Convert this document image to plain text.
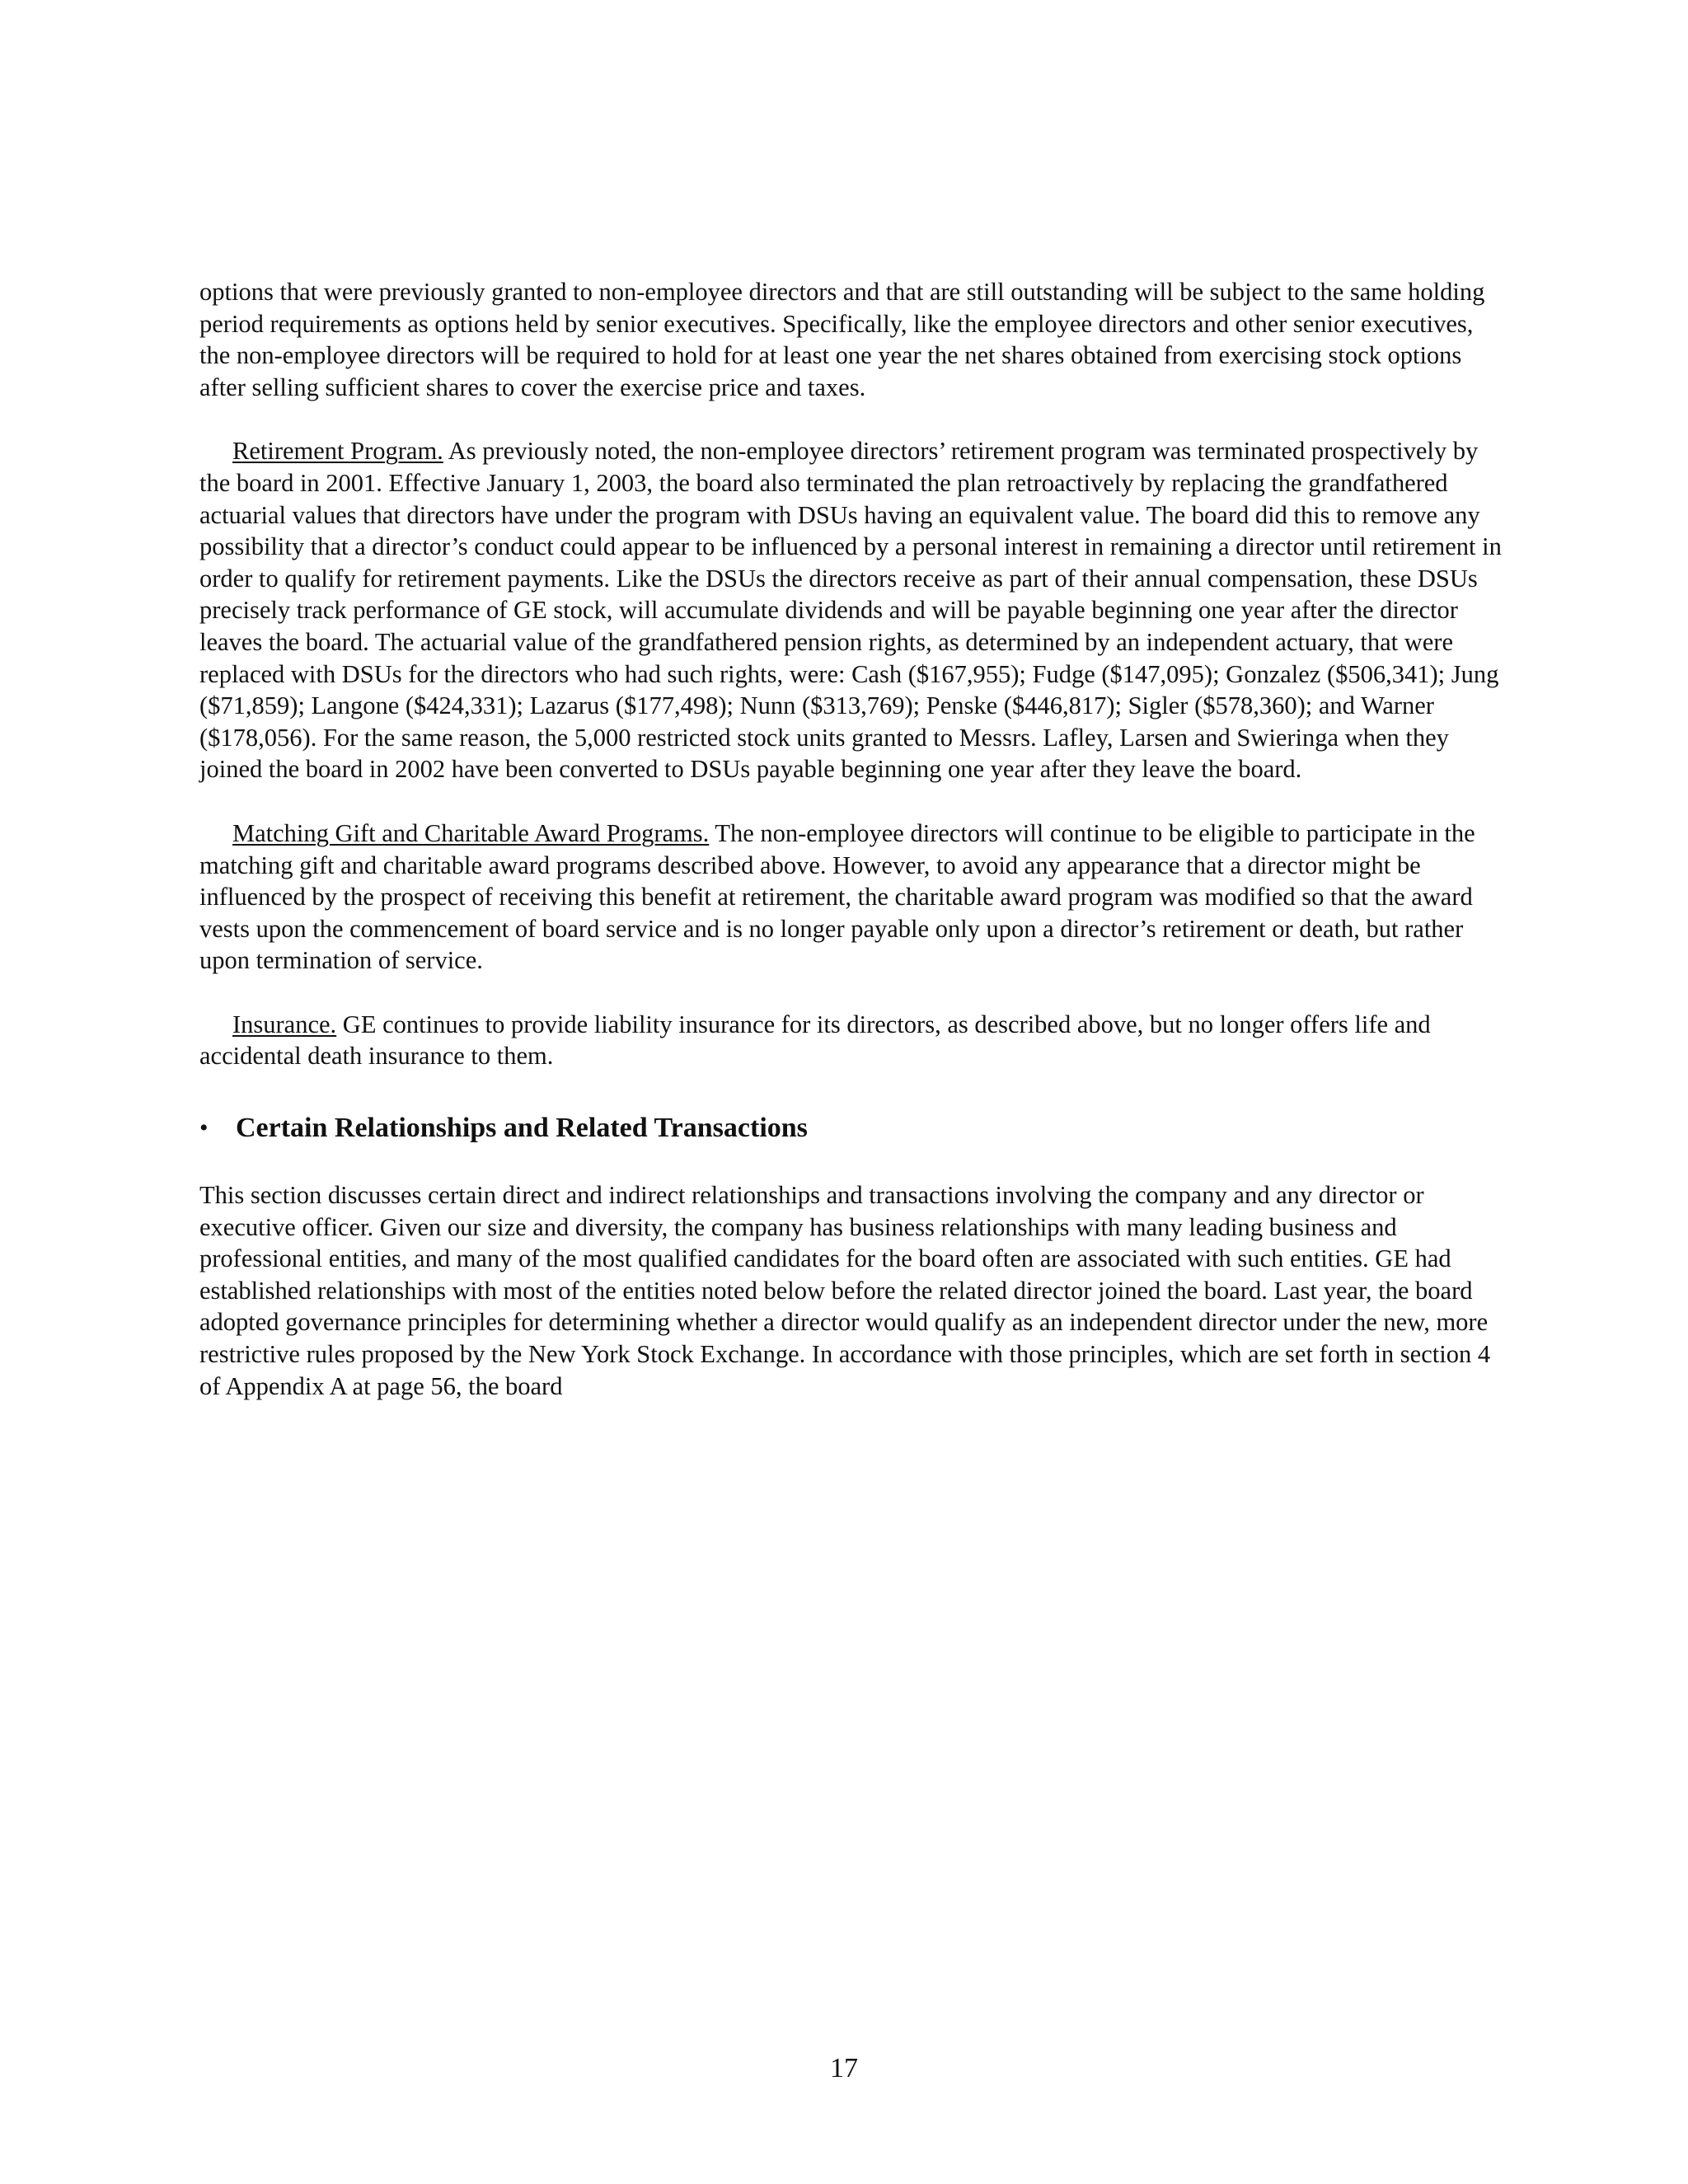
options that were previously granted to non-employee directors and that are still outstanding will be subject to the same holding period requirements as options held by senior executives. Specifically, like the employee directors and other senior executives, the non-employee directors will be required to hold for at least one year the net shares obtained from exercising stock options after selling sufficient shares to cover the exercise price and taxes.

Retirement Program. As previously noted, the non-employee directors’ retirement program was terminated prospectively by the board in 2001. Effective January 1, 2003, the board also terminated the plan retroactively by replacing the grandfathered actuarial values that directors have under the program with DSUs having an equivalent value. The board did this to remove any possibility that a director’s conduct could appear to be influenced by a personal interest in remaining a director until retirement in order to qualify for retirement payments. Like the DSUs the directors receive as part of their annual compensation, these DSUs precisely track performance of GE stock, will accumulate dividends and will be payable beginning one year after the director leaves the board. The actuarial value of the grandfathered pension rights, as determined by an independent actuary, that were replaced with DSUs for the directors who had such rights, were: Cash ($167,955); Fudge ($147,095); Gonzalez ($506,341); Jung ($71,859); Langone ($424,331); Lazarus ($177,498); Nunn ($313,769); Penske ($446,817); Sigler ($578,360); and Warner ($178,056). For the same reason, the 5,000 restricted stock units granted to Messrs. Lafley, Larsen and Swieringa when they joined the board in 2002 have been converted to DSUs payable beginning one year after they leave the board.

Matching Gift and Charitable Award Programs. The non-employee directors will continue to be eligible to participate in the matching gift and charitable award programs described above. However, to avoid any appearance that a director might be influenced by the prospect of receiving this benefit at retirement, the charitable award program was modified so that the award vests upon the commencement of board service and is no longer payable only upon a director’s retirement or death, but rather upon termination of service.

Insurance. GE continues to provide liability insurance for its directors, as described above, but no longer offers life and accidental death insurance to them.

• Certain Relationships and Related Transactions

This section discusses certain direct and indirect relationships and transactions involving the company and any director or executive officer. Given our size and diversity, the company has business relationships with many leading business and professional entities, and many of the most qualified candidates for the board often are associated with such entities. GE had established relationships with most of the entities noted below before the related director joined the board. Last year, the board adopted governance principles for determining whether a director would qualify as an independent director under the new, more restrictive rules proposed by the New York Stock Exchange. In accordance with those principles, which are set forth in section 4 of Appendix A at page 56, the board

17
